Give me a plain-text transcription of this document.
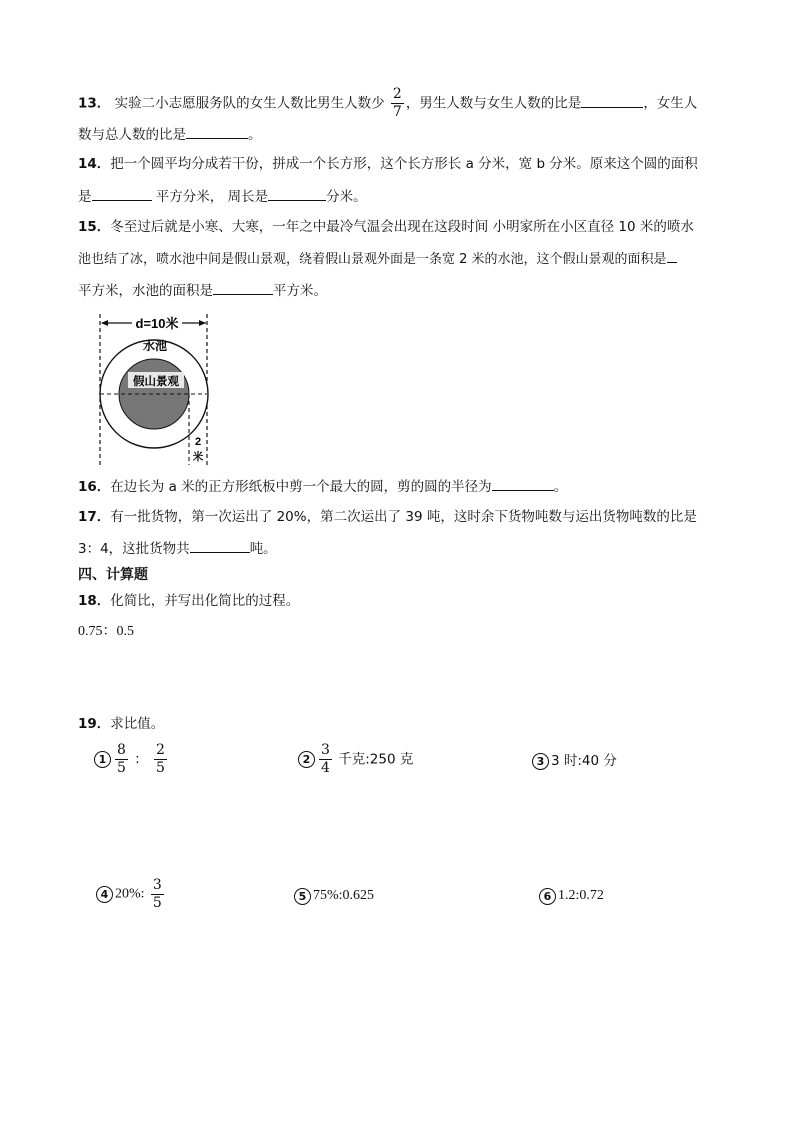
13． 实验二小志愿服务队的女生人数比男生人数少 $\frac{2}{7}$ ，男生人数与女生人数的比是	，女生人
数与总人数的比是	。
14．把一个圆平均分成若干份，拼成一个长方形，这个长方形长 a 分米，宽 b 分米。原来这个圆的面积
是	平方分米， 周长是	分米。
15．冬至过后就是小寒、大寒，一年之中最冷气温会出现在这段时间 小明家所在小区直径 10 米的喷水
池也结了冰，喷水池中间是假山景观，绕着假山景观外面是一条宽 2 米的水池，这个假山景观的面积是
平方米，水池的面积是	平方米。
d=10米
水池
假山景观
2
米
16．在边长为 a 米的正方形纸板中剪一个最大的圆，剪的圆的半径为	。
17．有一批货物，第一次运出了 20%，第二次运出了 39 吨，这时余下货物吨数与运出货物吨数的比是
3：4，这批货物共	吨。
四、计算题
18．化简比，并写出化简比的过程。
0.75：0.5
19．求比值。
$1 \frac{8}{5}$ ： $\frac{2}{5}$	$2 \frac{3}{4}$ 千克:250 克	3 3 时:40 分
4 20%: $\frac{3}{5}$	5 75%:0.625	6 1.2:0.72
